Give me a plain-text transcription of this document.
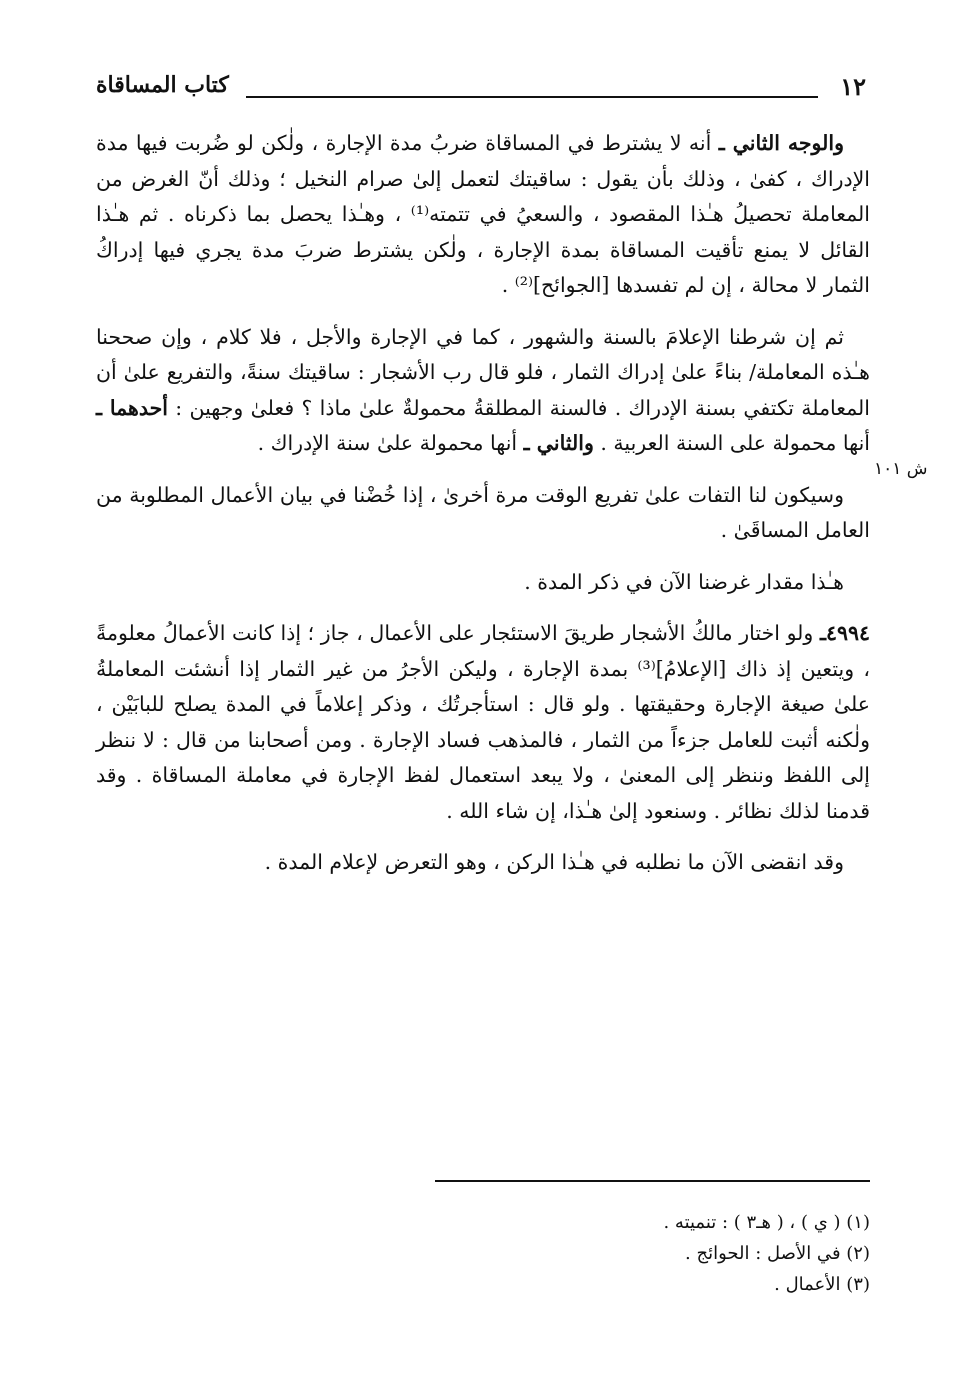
١٢
كتاب المساقاة
ش ١٠١

والوجه الثاني ـ أنه لا يشترط في المساقاة ضربُ مدة الإجارة ، ولٰكن لو ضُربت فيها مدة الإدراك ، كفىٰ ، وذلك بأن يقول : ساقيتك لتعمل إلىٰ صرام النخيل ؛ وذلك أنّ الغرض من المعاملة تحصيلُ هـٰذا المقصود ، والسعيُ في تتمته⁽¹⁾ ، وهـٰذا يحصل بما ذكرناه . ثم هـٰذا القائل لا يمنع تأقيت المساقاة بمدة الإجارة ، ولٰكن يشترط ضربَ مدة يجري فيها إدراكُ الثمار لا محالة ، إن لم تفسدها [الجوائح]⁽²⁾ .

ثم إن شرطنا الإعلامَ بالسنة والشهور ، كما في الإجارة والأجل ، فلا كلام ، وإن صححنا هـٰذه المعاملة/ بناءً علىٰ إدراك الثمار ، فلو قال رب الأشجار : ساقيتك سنةً، والتفريع علىٰ أن المعاملة تكتفي بسنة الإدراك . فالسنة المطلقةُ محمولةٌ علىٰ ماذا ؟ فعلىٰ وجهين : أحدهما ـ أنها محمولة على السنة العربية . والثاني ـ أنها محمولة علىٰ سنة الإدراك .

وسيكون لنا التفات علىٰ تفريع الوقت مرة أخرىٰ ، إذا خُضْنا في بيان الأعمال المطلوبة من العامل المساقَىٰ .

هـٰذا مقدار غرضنا الآن في ذكر المدة .

٤٩٩٤ـ ولو اختار مالكُ الأشجار طريقَ الاستئجار على الأعمال ، جاز ؛ إذا كانت الأعمالُ معلومةً ، ويتعين إذ ذاك [الإعلامُ]⁽³⁾ بمدة الإجارة ، وليكن الأجرُ من غير الثمار إذا أنشئت المعاملةُ علىٰ صيغة الإجارة وحقيقتها . ولو قال : استأجرتُك ، وذكر إعلاماً في المدة يصلح للبابَيْن ، ولٰكنه أثبت للعامل جزءاً من الثمار ، فالمذهب فساد الإجارة . ومن أصحابنا من قال : لا ننظر إلى اللفظ وننظر إلى المعنىٰ ، ولا يبعد استعمال لفظ الإجارة في معاملة المساقاة . وقد قدمنا لذلك نظائر . وسنعود إلىٰ هـٰذا، إن شاء الله .

وقد انقضى الآن ما نطلبه في هـٰذا الركن ، وهو التعرض لإعلام المدة .

(١) ( ي ) ، ( هـ٣ ) : تنميته .
(٢) في الأصل : الحوائج .
(٣) الأعمال .
